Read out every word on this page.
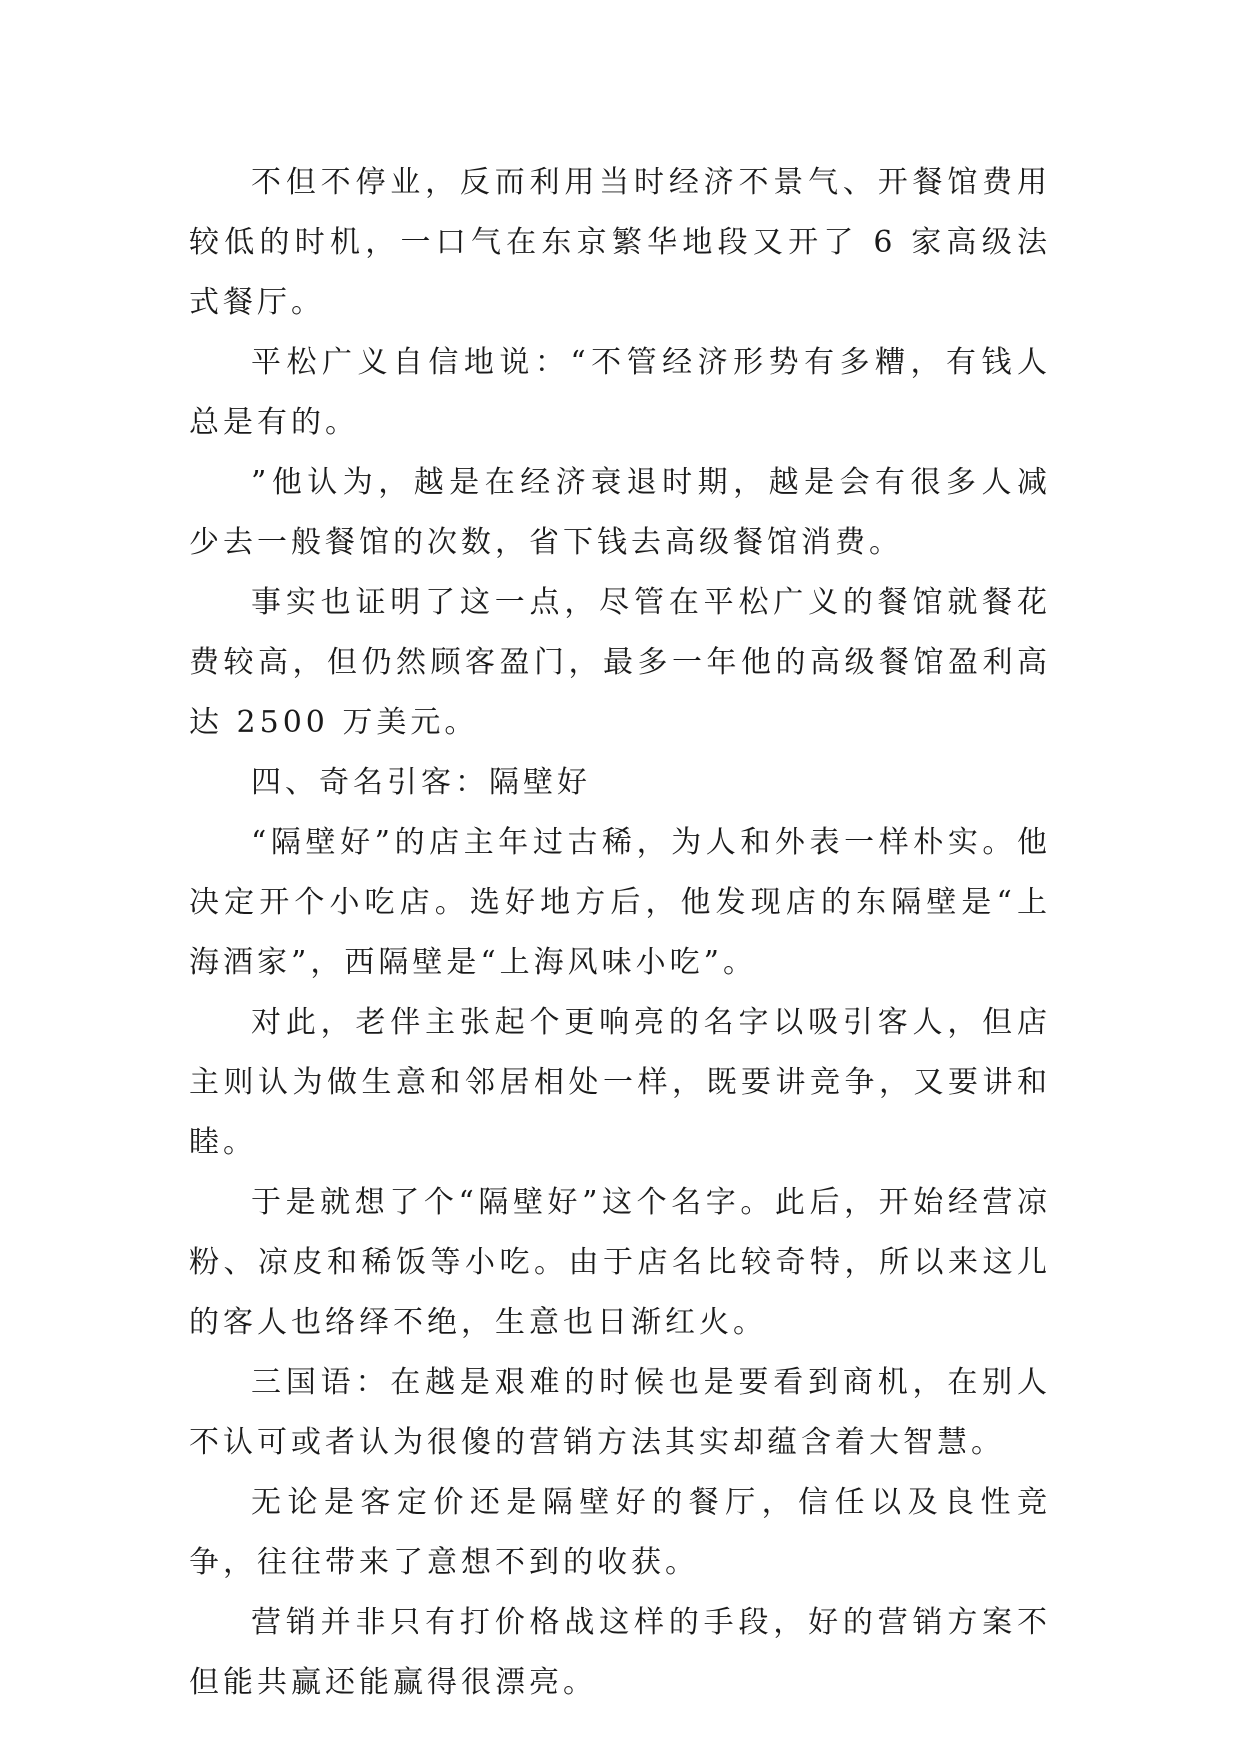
不但不停业，反而利用当时经济不景气、开餐馆费用较低的时机，一口气在东京繁华地段又开了 6 家高级法式餐厅。

平松广义自信地说：“不管经济形势有多糟，有钱人总是有的。

”他认为，越是在经济衰退时期，越是会有很多人减少去一般餐馆的次数，省下钱去高级餐馆消费。

事实也证明了这一点，尽管在平松广义的餐馆就餐花费较高，但仍然顾客盈门，最多一年他的高级餐馆盈利高达 2500 万美元。

四、奇名引客：隔壁好

“隔壁好”的店主年过古稀，为人和外表一样朴实。他决定开个小吃店。选好地方后，他发现店的东隔壁是“上海酒家”，西隔壁是“上海风味小吃”。

对此，老伴主张起个更响亮的名字以吸引客人，但店主则认为做生意和邻居相处一样，既要讲竞争，又要讲和睦。

于是就想了个“隔壁好”这个名字。此后，开始经营凉粉、凉皮和稀饭等小吃。由于店名比较奇特，所以来这儿的客人也络绎不绝，生意也日渐红火。

三国语：在越是艰难的时候也是要看到商机，在别人不认可或者认为很傻的营销方法其实却蕴含着大智慧。

无论是客定价还是隔壁好的餐厅，信任以及良性竞争，往往带来了意想不到的收获。

营销并非只有打价格战这样的手段，好的营销方案不但能共赢还能赢得很漂亮。
